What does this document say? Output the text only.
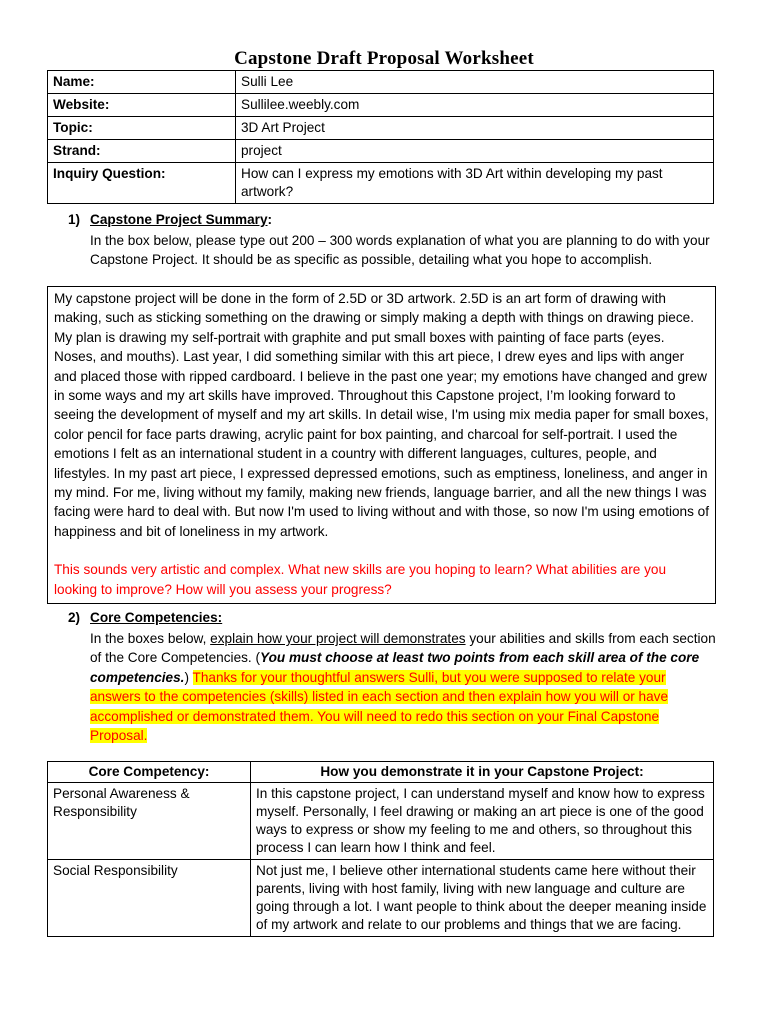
Capstone Draft Proposal Worksheet
Name:	Sulli Lee
Website:	Sullilee.weebly.com
Topic:	3D Art Project
Strand:	project
Inquiry Question:	How can I express my emotions with 3D Art within developing my past artwork?
1) Capstone Project Summary:
In the box below, please type out 200 – 300 words explanation of what you are planning to do with your Capstone Project. It should be as specific as possible, detailing what you hope to accomplish.
My capstone project will be done in the form of 2.5D or 3D artwork. 2.5D is an art form of drawing with making, such as sticking something on the drawing or simply making a depth with things on drawing piece. My plan is drawing my self-portrait with graphite and put small boxes with painting of face parts (eyes. Noses, and mouths). Last year, I did something similar with this art piece, I drew eyes and lips with anger and placed those with ripped cardboard. I believe in the past one year; my emotions have changed and grew in some ways and my art skills have improved. Throughout this Capstone project, I’m looking forward to seeing the development of myself and my art skills. In detail wise, I'm using mix media paper for small boxes, color pencil for face parts drawing, acrylic paint for box painting, and charcoal for self-portrait. I used the emotions I felt as an international student in a country with different languages, cultures, people, and lifestyles. In my past art piece, I expressed depressed emotions, such as emptiness, loneliness, and anger in my mind. For me, living without my family, making new friends, language barrier, and all the new things I was facing were hard to deal with. But now I'm used to living without and with those, so now I'm using emotions of happiness and bit of loneliness in my artwork.
This sounds very artistic and complex. What new skills are you hoping to learn? What abilities are you looking to improve? How will you assess your progress?
2) Core Competencies:
In the boxes below, explain how your project will demonstrates your abilities and skills from each section of the Core Competencies. (You must choose at least two points from each skill area of the core competencies.) Thanks for your thoughtful answers Sulli, but you were supposed to relate your answers to the competencies (skills) listed in each section and then explain how you will or have accomplished or demonstrated them. You will need to redo this section on your Final Capstone Proposal.
Core Competency:	How you demonstrate it in your Capstone Project:
Personal Awareness & Responsibility	In this capstone project, I can understand myself and know how to express myself. Personally, I feel drawing or making an art piece is one of the good ways to express or show my feeling to me and others, so throughout this process I can learn how I think and feel.
Social Responsibility	Not just me, I believe other international students came here without their parents, living with host family, living with new language and culture are going through a lot. I want people to think about the deeper meaning inside of my artwork and relate to our problems and things that we are facing.
